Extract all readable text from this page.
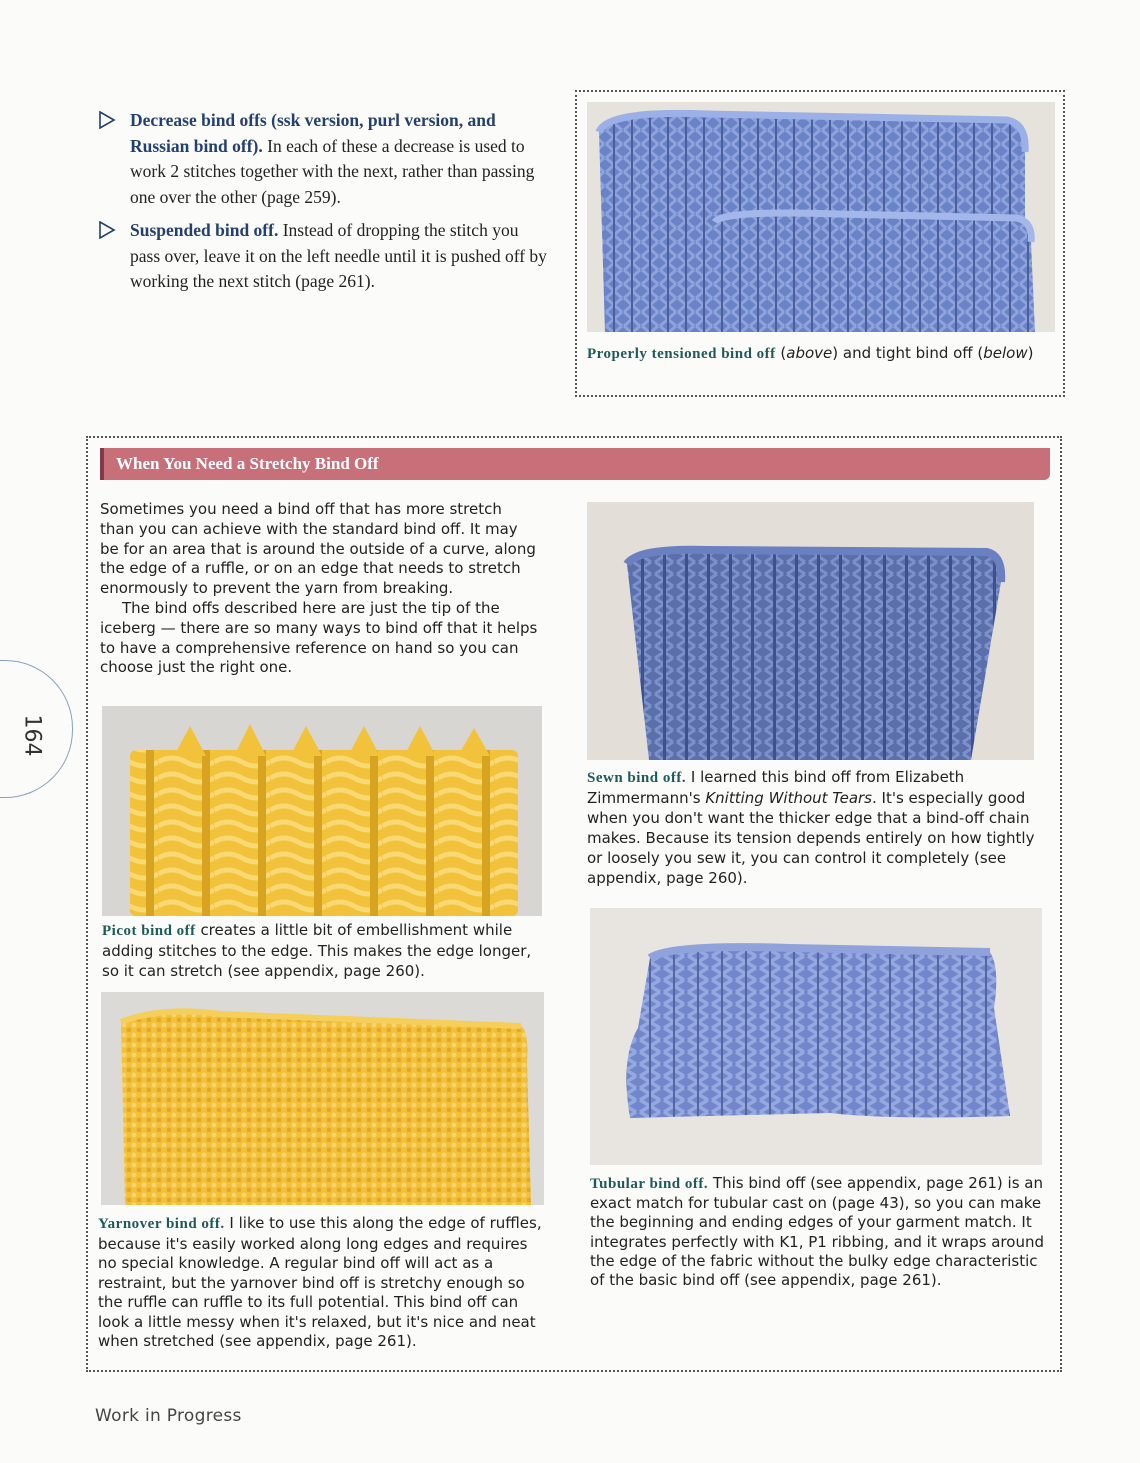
164
Decrease bind offs (ssk version, purl version, and Russian bind off). In each of these a decrease is used to work 2 stitches together with the next, rather than passing one over the other (page 259).
Suspended bind off. Instead of dropping the stitch you pass over, leave it on the left needle until it is pushed off by working the next stitch (page 261).
Properly tensioned bind off (above) and tight bind off (below)
When You Need a Stretchy Bind Off

Sometimes you need a bind off that has more stretch than you can achieve with the standard bind off. It may be for an area that is around the outside of a curve, along the edge of a ruffle, or on an edge that needs to stretch enormously to prevent the yarn from breaking.

The bind offs described here are just the tip of the iceberg — there are so many ways to bind off that it helps to have a comprehensive reference on hand so you can choose just the right one.

Picot bind off creates a little bit of embellishment while adding stitches to the edge. This makes the edge longer, so it can stretch (see appendix, page 260).
Yarnover bind off. I like to use this along the edge of ruffles, because it's easily worked along long edges and requires no special knowledge. A regular bind off will act as a restraint, but the yarnover bind off is stretchy enough so the ruffle can ruffle to its full potential. This bind off can look a little messy when it's relaxed, but it's nice and neat when stretched (see appendix, page 261).
Sewn bind off. I learned this bind off from Elizabeth Zimmermann's Knitting Without Tears. It's especially good when you don't want the thicker edge that a bind-off chain makes. Because its tension depends entirely on how tightly or loosely you sew it, you can control it completely (see appendix, page 260).
Tubular bind off. This bind off (see appendix, page 261) is an exact match for tubular cast on (page 43), so you can make the beginning and ending edges of your garment match. It integrates perfectly with K1, P1 ribbing, and it wraps around the edge of the fabric without the bulky edge characteristic of the basic bind off (see appendix, page 261).
Work in Progress
